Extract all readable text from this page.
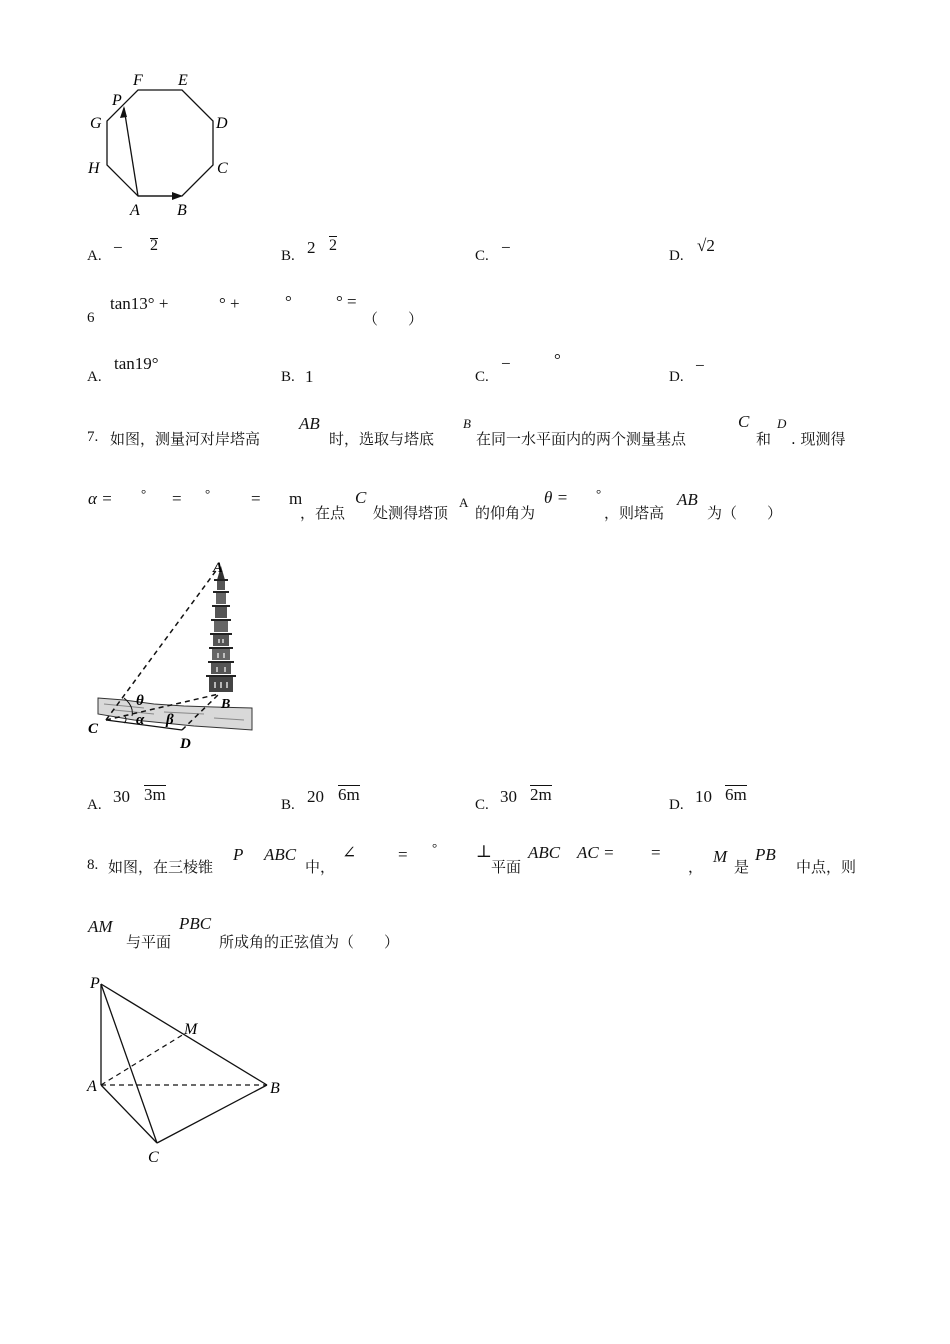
F E
P
G	D
H	C
A B
A. − 2
B. 2 2
C. −	D.
√2
6
tan13° +	° +	°	° =
（　　）
A.
tan19°
B. 1	C.
−	°
D.
−
7. 如图，测量河对岸塔高
AB
时，选取与塔底
B
在同一水平面内的两个测量基点
C
和
D
. 现测得
α = ° = ° = m
，在点
C
处测得塔顶
A
的仰角为
θ = °
，则塔高
AB
为（　　）
A
θ	B
C
α β
D
A. 30 3m
B. 20 6m
C. 30 2m
D. 10 6m
8. 如图，在三棱锥
P ABC
中，
∠ = ° ⊥
平面
ABC AC = =
，
M
是
PB
中点，则
AM
与平面
PBC
所成角的正弦值为（　　）
P
M
A	B
C
